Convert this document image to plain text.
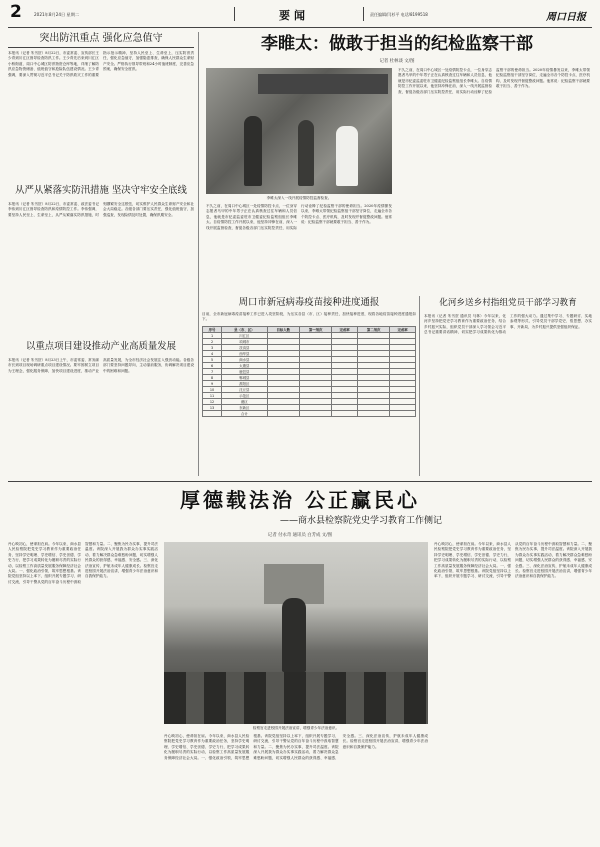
2	2021年8月24日 星期二	要闻	责任编辑/闫杉平 电话/8199518	周口日报
突出防汛重点 强化应急值守
本报讯（记者 朱书贺）8月22日，市委常委、宣传部长王少青到川汇区督导检查防汛工作。王少青先后来到川汇区小桥街道、周口中心城区防汛物资仓库等地，详细了解防汛应急物资储备、值班值守和抢险队伍建设情况。王少青强调，要深入贯彻习近平总书记关于防汛救灾工作的重要指示批示精神，坚持人民至上、生命至上，压实防汛责任，强化应急值守，加强隐患排查，确保人民群众生命财产安全。严格执行领导带班和24小时值班制度，完善应急预案，确保安全度汛。
从严从紧落实防汛措施 坚决守牢安全底线
本报讯（记者 朱书贺）8月22日，市委常委、政法委书记李伟到川汇区督导检查防汛和疫情防控工作。李伟强调，要坚持人民至上、生命至上，从严从紧落实防汛措施，时刻绷紧安全这根弦，切实维护人民群众生命财产安全和社会大局稳定。各级各部门要压实责任，强化值班值守，加强巡查，发现险情及时处置，确保汛期安全。
以重点项目建设推动产业高质量发展
本报讯（记者 朱书贺）8月23日上午，市委常委、常务副市长到项目现场调研重点项目建设情况。要牢固树立项目为王理念，强化服务保障，加快项目建设进度，推动产业高质量发展，为全市经济社会发展注入强劲动能。各级各部门要坚持问题导向，主动靠前服务，协调解决项目建设中的困难和问题。
李睢太：做敢于担当的纪检监察干部
记者 杜林谈 文/图
李睢太深入一线开展疫情防控监督检查。
不久之前，在周口中心城区一处疫情防控卡点，一位身穿志愿者马甲的中年男子正在认真核查过往车辆和人员信息，他就是市纪委监委驻市卫健委纪检监察组组长李睢太。自疫情防控工作开展以来，他坚持冲锋在前，深入一线开展监督检查，督促各级各部门压实防控责任，用实际行动诠释了纪检监察干部的使命担当。2020年疫情暴发以来，李睢太带领纪检监察组干部坚守岗位，走遍全市各个防控卡点、医疗机构，及时发现并督促整改问题。他常说：纪检监察干部就要敢于担当、善于作为。
不久之前，在周口中心城区一处疫情防控卡点，一位身穿志愿者马甲的中年男子正在认真核查过往车辆和人员信息，他就是市纪委监委驻市卫健委纪检监察组组长李睢太。自疫情防控工作开展以来，他坚持冲锋在前，深入一线开展监督检查，督促各级各部门压实防控责任，用实际行动诠释了纪检监察干部的使命担当。2020年疫情暴发以来，李睢太带领纪检监察组干部坚守岗位，走遍全市各个防控卡点、医疗机构，及时发现并督促整改问题。他常说：纪检监察干部就要敢于担当、善于作为。
周口市新冠病毒疫苗接种进度通报
目前，全市新冠病毒疫苗接种工作已进入攻坚阶段，为压实各县（市、区）接种责任，加快接种进度，现将各地疫苗接种进度通报如下。
序号	县（市、区）	目标人数	第一剂次	完成率	第二剂次	完成率
1	川汇区					
2	项城市					
3	扶沟县					
4	西华县					
5	商水县					
6	太康县					
7	鹿邑县					
8	郸城县					
9	淮阳区					
10	沈丘县					
11	示范区					
12	港区					
13	东新区					
	合计					
化河乡送乡村指组党员干部学习教育
本报讯（记者 朱书贺 通讯员 马林）今年以来，化河乡坚持把党史学习教育作为重要政治任务，结合乡村振兴实际，组织党员干部深入学习领会习近平总书记重要讲话精神，切实把学习成果转化为推动工作的强大动力。通过集中学习、专题研讨、实地参观等形式，引导党员干部学党史、悟思想、办实事、开新局，为乡村振兴提供坚强组织保证。
厚德载法治 公正赢民心
——商水县检察院党史学习教育工作侧记
记者 付永奇 通讯员 白芳成 文/图
丹心映初心，使命担在肩。今年以来，商水县人民检察院把党史学习教育作为重要政治任务，坚持学史明理、学史增信、学史崇德、学史力行，把学习成果转化为履职尽责的实际行动，以检察工作高质量发展服务保障经济社会大局。一、强化政治引领，筑牢思想根基。该院党组坚持以上率下，组织开展专题学习、研讨交流，引导干警从党的百年奋斗历程中汲取智慧和力量。二、聚焦为民办实事，提升司法温度。该院深入开展我为群众办实事实践活动，着力解决群众急难愁盼问题，切实增强人民群众的获得感、幸福感、安全感。三、深化法治宣传，护航未成年人健康成长。检察官走进校园开展法治宣讲，增强青少年法治意识和自我保护能力。
检察官走进校园开展法治宣讲，增强青少年法治意识。
丹心映初心，使命担在肩。今年以来，商水县人民检察院把党史学习教育作为重要政治任务，坚持学史明理、学史增信、学史崇德、学史力行，把学习成果转化为履职尽责的实际行动，以检察工作高质量发展服务保障经济社会大局。一、强化政治引领，筑牢思想根基。该院党组坚持以上率下，组织开展专题学习、研讨交流，引导干警从党的百年奋斗历程中汲取智慧和力量。二、聚焦为民办实事，提升司法温度。该院深入开展我为群众办实事实践活动，着力解决群众急难愁盼问题，切实增强人民群众的获得感、幸福感、安全感。三、深化法治宣传，护航未成年人健康成长。检察官走进校园开展法治宣讲，增强青少年法治意识和自我保护能力。
丹心映初心，使命担在肩。今年以来，商水县人民检察院把党史学习教育作为重要政治任务，坚持学史明理、学史增信、学史崇德、学史力行，把学习成果转化为履职尽责的实际行动，以检察工作高质量发展服务保障经济社会大局。一、强化政治引领，筑牢思想根基。该院党组坚持以上率下，组织开展专题学习、研讨交流，引导干警从党的百年奋斗历程中汲取智慧和力量。二、聚焦为民办实事，提升司法温度。该院深入开展我为群众办实事实践活动，着力解决群众急难愁盼问题，切实增强人民群众的获得感、幸福感、安全感。三、深化法治宣传，护航未成年人健康成长。检察官走进校园开展法治宣讲，增强青少年法治意识和自我保护能力。
